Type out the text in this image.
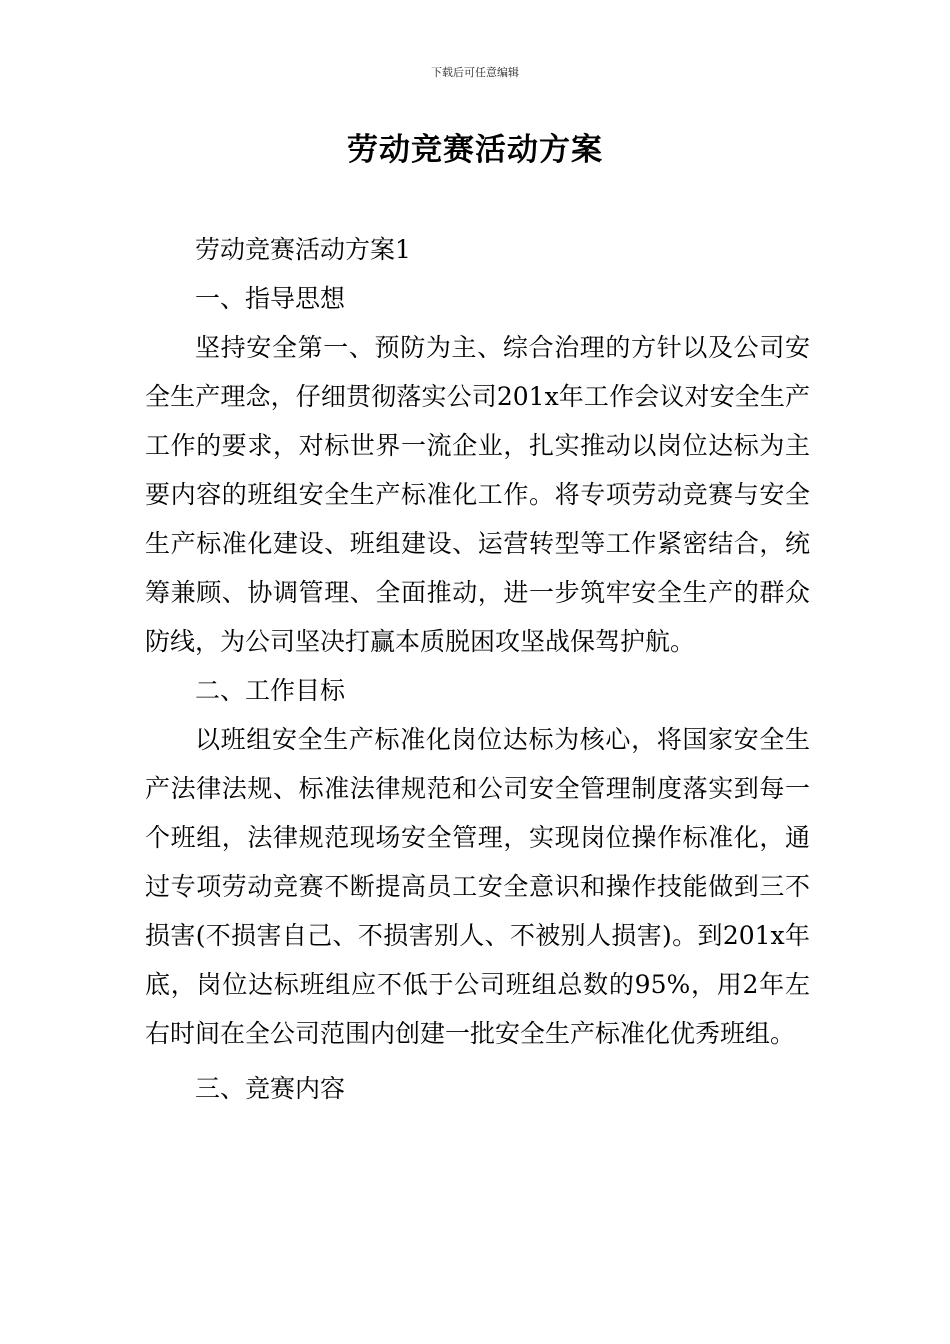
下载后可任意编辑
劳动竞赛活动方案

劳动竞赛活动方案1

一、指导思想

坚持安全第一、预防为主、综合治理的方针以及公司安全生产理念，仔细贯彻落实公司201x年工作会议对安全生产工作的要求，对标世界一流企业，扎实推动以岗位达标为主要内容的班组安全生产标准化工作。将专项劳动竞赛与安全生产标准化建设、班组建设、运营转型等工作紧密结合，统筹兼顾、协调管理、全面推动，进一步筑牢安全生产的群众防线，为公司坚决打赢本质脱困攻坚战保驾护航。

二、工作目标

以班组安全生产标准化岗位达标为核心，将国家安全生产法律法规、标准法律规范和公司安全管理制度落实到每一个班组，法律规范现场安全管理，实现岗位操作标准化，通过专项劳动竞赛不断提高员工安全意识和操作技能做到三不损害(不损害自己、不损害别人、不被别人损害)。到201x年底，岗位达标班组应不低于公司班组总数的95%，用2年左右时间在全公司范围内创建一批安全生产标准化优秀班组。

三、竞赛内容
